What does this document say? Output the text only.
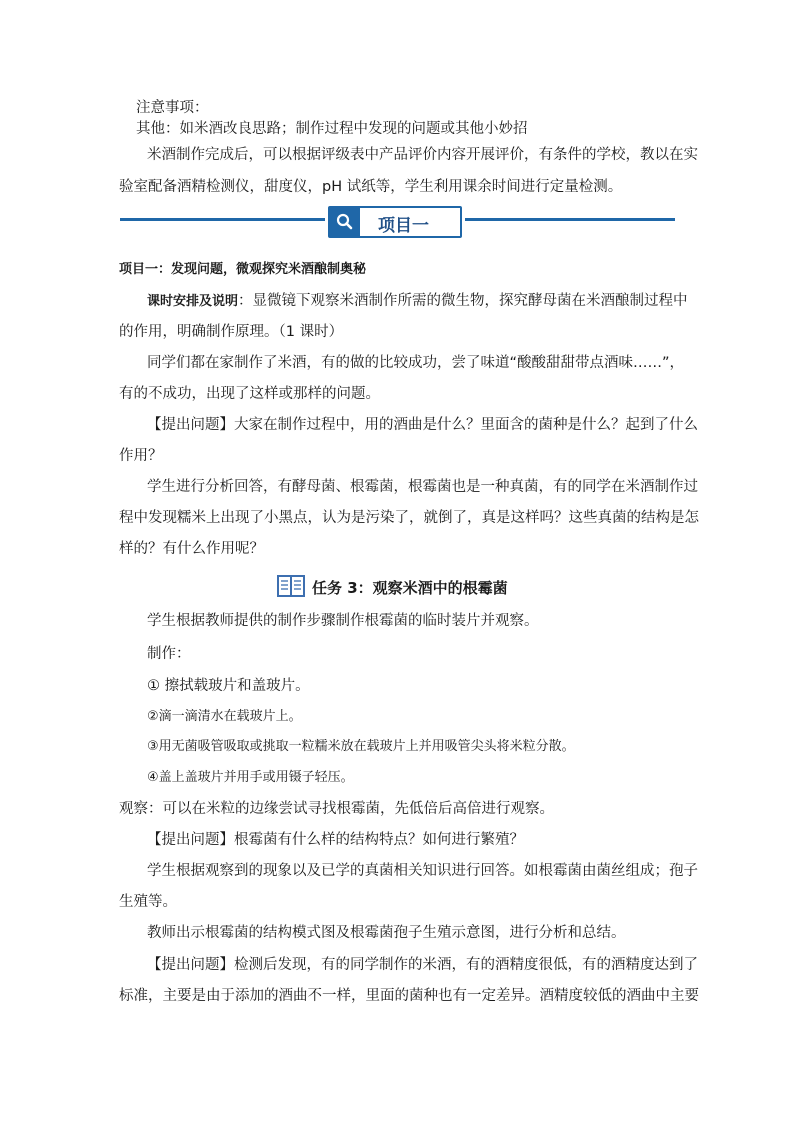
注意事项：
其他：如米酒改良思路；制作过程中发现的问题或其他小妙招
米酒制作完成后，可以根据评级表中产品评价内容开展评价，有条件的学校，教以在实
验室配备酒精检测仪，甜度仪，pH 试纸等，学生利用课余时间进行定量检测。
项目一
项目一：发现问题，微观探究米酒酿制奥秘
课时安排及说明：显微镜下观察米酒制作所需的微生物，探究酵母菌在米酒酿制过程中
的作用，明确制作原理。（1 课时）
同学们都在家制作了米酒，有的做的比较成功，尝了味道“酸酸甜甜带点酒味……”，
有的不成功，出现了这样或那样的问题。
【提出问题】大家在制作过程中，用的酒曲是什么？里面含的菌种是什么？起到了什么
作用？
学生进行分析回答，有酵母菌、根霉菌，根霉菌也是一种真菌，有的同学在米酒制作过
程中发现糯米上出现了小黑点，认为是污染了，就倒了，真是这样吗？这些真菌的结构是怎
样的？有什么作用呢？
任务 3：观察米酒中的根霉菌
学生根据教师提供的制作步骤制作根霉菌的临时装片并观察。
制作：
① 擦拭载玻片和盖玻片。
②滴一滴清水在载玻片上。
③用无菌吸管吸取或挑取一粒糯米放在载玻片上并用吸管尖头将米粒分散。
④盖上盖玻片并用手或用镊子轻压。
观察：可以在米粒的边缘尝试寻找根霉菌，先低倍后高倍进行观察。
【提出问题】根霉菌有什么样的结构特点？如何进行繁殖？
学生根据观察到的现象以及已学的真菌相关知识进行回答。如根霉菌由菌丝组成；孢子
生殖等。
教师出示根霉菌的结构模式图及根霉菌孢子生殖示意图，进行分析和总结。
【提出问题】检测后发现，有的同学制作的米酒，有的酒精度很低，有的酒精度达到了
标准，主要是由于添加的酒曲不一样，里面的菌种也有一定差异。酒精度较低的酒曲中主要
